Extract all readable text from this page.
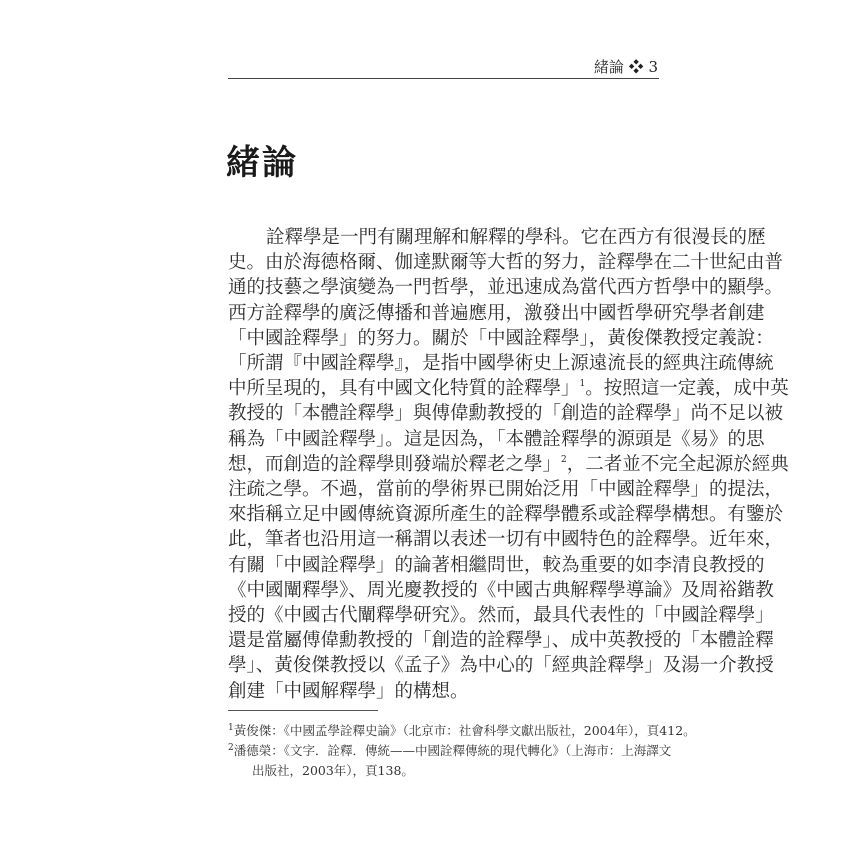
緒論 ❖ 3
緒論
詮釋學是一門有關理解和解釋的學科。它在西方有很漫長的歷
史。由於海德格爾、伽達默爾等大哲的努力，詮釋學在二十世紀由普
通的技藝之學演變為一門哲學，並迅速成為當代西方哲學中的顯學。
西方詮釋學的廣泛傳播和普遍應用，激發出中國哲學研究學者創建
「中國詮釋學」的努力。關於「中國詮釋學」，黃俊傑教授定義說：
「所謂『中國詮釋學』，是指中國學術史上源遠流長的經典注疏傳統
中所呈現的，具有中國文化特質的詮釋學」$^1$。按照這一定義，成中英
教授的「本體詮釋學」與傅偉勳教授的「創造的詮釋學」尚不足以被
稱為「中國詮釋學」。這是因為，「本體詮釋學的源頭是《易》的思
想，而創造的詮釋學則發端於釋老之學」$^2$，二者並不完全起源於經典
注疏之學。不過，當前的學術界已開始泛用「中國詮釋學」的提法，
來指稱立足中國傳統資源所產生的詮釋學體系或詮釋學構想。有鑒於
此，筆者也沿用這一稱謂以表述一切有中國特色的詮釋學。近年來，
有關「中國詮釋學」的論著相繼問世，較為重要的如李清良教授的
《中國闡釋學》、周光慶教授的《中國古典解釋學導論》及周裕鍇教
授的《中國古代闡釋學研究》。然而，最具代表性的「中國詮釋學」
還是當屬傅偉勳教授的「創造的詮釋學」、成中英教授的「本體詮釋
學」、黃俊傑教授以《孟子》為中心的「經典詮釋學」及湯一介教授
創建「中國解釋學」的構想。
1 黃俊傑：《中國孟學詮釋史論》（北京市：社會科學文獻出版社，2004年），頁412。
2 潘德榮：《文字．詮釋．傳統——中國詮釋傳統的現代轉化》（上海市：上海譯文
出版社，2003年），頁138。
